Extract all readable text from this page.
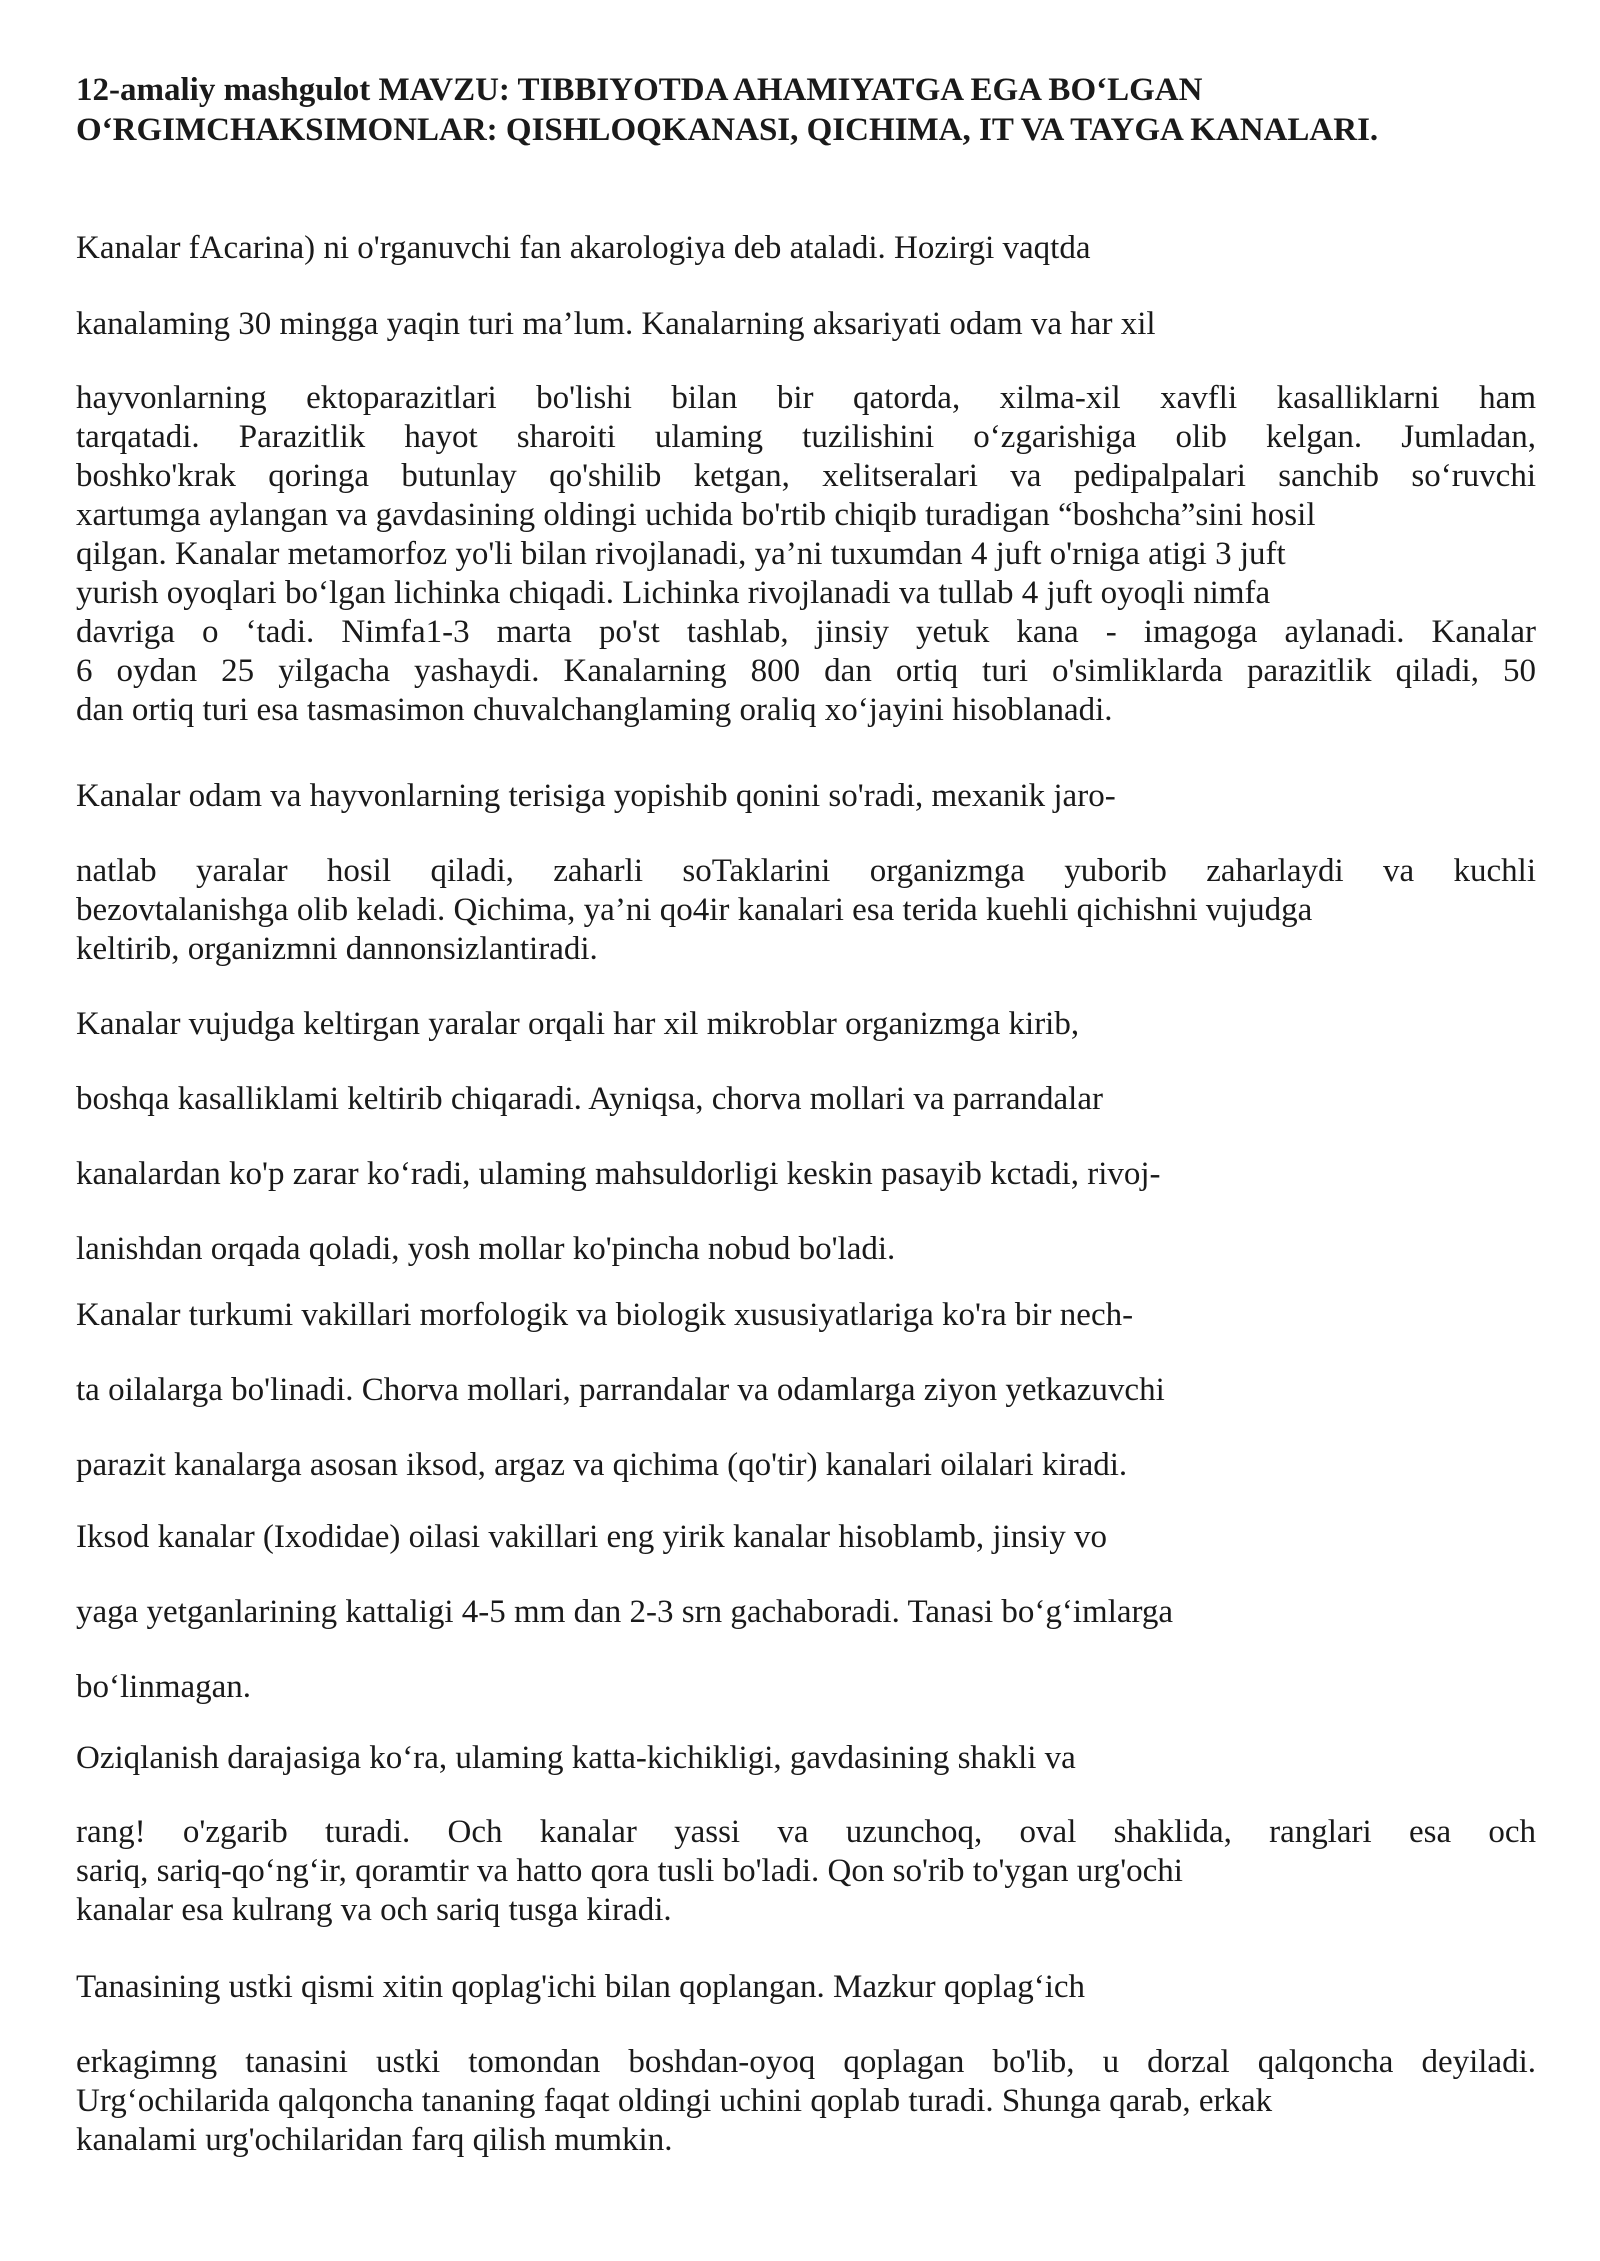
12-amaliy mashgulot MAVZU: TIBBIYOTDA AHAMIYATGA EGA BO‘LGAN O‘RGIMCHAKSIMONLAR: QISHLOQKANASI, QICHIMA, IT VA TAYGA KANALARI.
Kanalar fAcarina) ni o'rganuvchi fan akarologiya deb ataladi. Hozirgi vaqtda
kanalaming 30 mingga yaqin turi ma’lum. Kanalarning aksariyati odam va har xil
hayvonlarning ektoparazitlari bo'lishi bilan bir qatorda, xilma-xil xavfli kasalliklarni ham
tarqatadi. Parazitlik hayot sharoiti ulaming tuzilishini o‘zgarishiga olib kelgan. Jumladan,
boshko'krak qoringa butunlay qo'shilib ketgan, xelitseralari va pedipalpalari sanchib so‘ruvchi
xartumga aylangan va gavdasining oldingi uchida bo'rtib chiqib turadigan “boshcha”sini hosil
qilgan. Kanalar metamorfoz yo'li bilan rivojlanadi, ya’ni tuxumdan 4 juft o'rniga atigi 3 juft
yurish oyoqlari bo‘lgan lichinka chiqadi. Lichinka rivojlanadi va tullab 4 juft oyoqli nimfa
davriga o ‘tadi. Nimfa1-3 marta po'st tashlab, jinsiy yetuk kana - imagoga aylanadi. Kanalar
6 oydan 25 yilgacha yashaydi. Kanalarning 800 dan ortiq turi o'simliklarda parazitlik qiladi, 50
dan ortiq turi esa tasmasimon chuvalchanglaming oraliq xo‘jayini hisoblanadi.
Kanalar odam va hayvonlarning terisiga yopishib qonini so'radi, mexanik jaro-
natlab yaralar hosil qiladi, zaharli soTaklarini organizmga yuborib zaharlaydi va kuchli
bezovtalanishga olib keladi. Qichima, ya’ni qo4ir kanalari esa terida kuehli qichishni vujudga
keltirib, organizmni dannonsizlantiradi.
Kanalar vujudga keltirgan yaralar orqali har xil mikroblar organizmga kirib,
boshqa kasalliklami keltirib chiqaradi. Ayniqsa, chorva mollari va parrandalar
kanalardan ko'p zarar ko‘radi, ulaming mahsuldorligi keskin pasayib kctadi, rivoj-
lanishdan orqada qoladi, yosh mollar ko'pincha nobud bo'ladi.
Kanalar turkumi vakillari morfologik va biologik xususiyatlariga ko'ra bir nech-
ta oilalarga bo'linadi. Chorva mollari, parrandalar va odamlarga ziyon yetkazuvchi
parazit kanalarga asosan iksod, argaz va qichima (qo'tir) kanalari oilalari kiradi.
Iksod kanalar (Ixodidae) oilasi vakillari eng yirik kanalar hisoblamb, jinsiy vo
yaga yetganlarining kattaligi 4-5 mm dan 2-3 srn gachaboradi. Tanasi bo‘g‘imlarga
bo‘linmagan.
Oziqlanish darajasiga ko‘ra, ulaming katta-kichikligi, gavdasining shakli va
rang! o'zgarib turadi. Och kanalar yassi va uzunchoq, oval shaklida, ranglari esa och
sariq, sariq-qo‘ng‘ir, qoramtir va hatto qora tusli bo'ladi. Qon so'rib to'ygan urg'ochi
kanalar esa kulrang va och sariq tusga kiradi.
Tanasining ustki qismi xitin qoplag'ichi bilan qoplangan. Mazkur qoplag‘ich
erkagimng tanasini ustki tomondan boshdan-oyoq qoplagan bo'lib, u dorzal qalqoncha deyiladi.
Urg‘ochilarida qalqoncha tananing faqat oldingi uchini qoplab turadi. Shunga qarab, erkak
kanalami urg'ochilaridan farq qilish mumkin.
